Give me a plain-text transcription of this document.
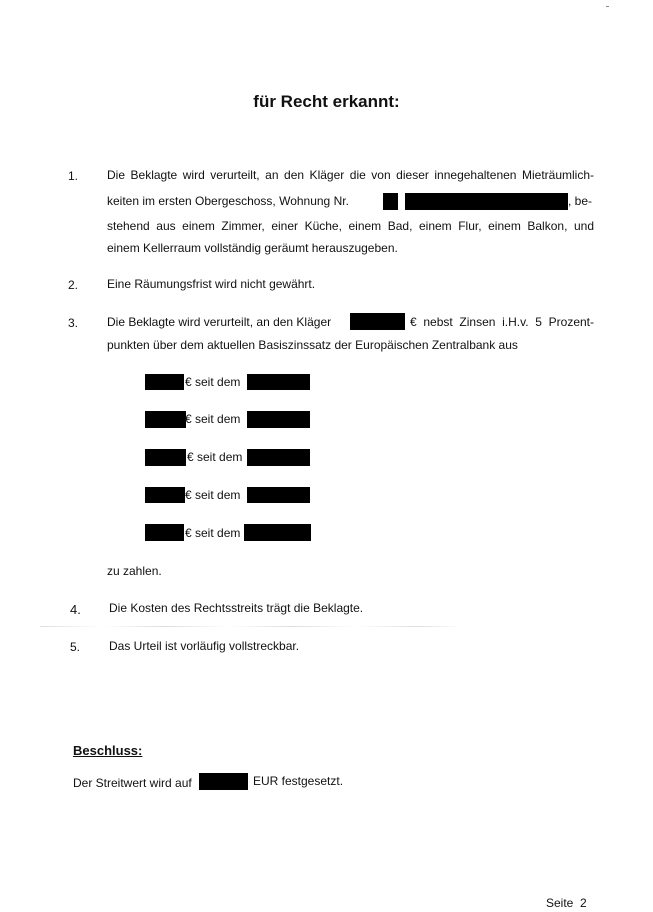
für Recht erkannt:
1. Die Beklagte wird verurteilt, an den Kläger die von dieser innegehaltenen Mieträumlich-
keiten im ersten Obergeschoss, Wohnung Nr.	, be-
stehend aus einem Zimmer, einer Küche, einem Bad, einem Flur, einem Balkon, und
einem Kellerraum vollständig geräumt herauszugeben.
2. Eine Räumungsfrist wird nicht gewährt.
3. Die Beklagte wird verurteilt, an den Kläger	€ nebst Zinsen i.H.v. 5 Prozent-
punkten über dem aktuellen Basiszinssatz der Europäischen Zentralbank aus
€ seit dem
€ seit dem
€ seit dem
€ seit dem
€ seit dem
zu zahlen.
4. Die Kosten des Rechtsstreits trägt die Beklagte.
5. Das Urteil ist vorläufig vollstreckbar.
Beschluss:
Der Streitwert wird auf	EUR festgesetzt.
Seite  2
